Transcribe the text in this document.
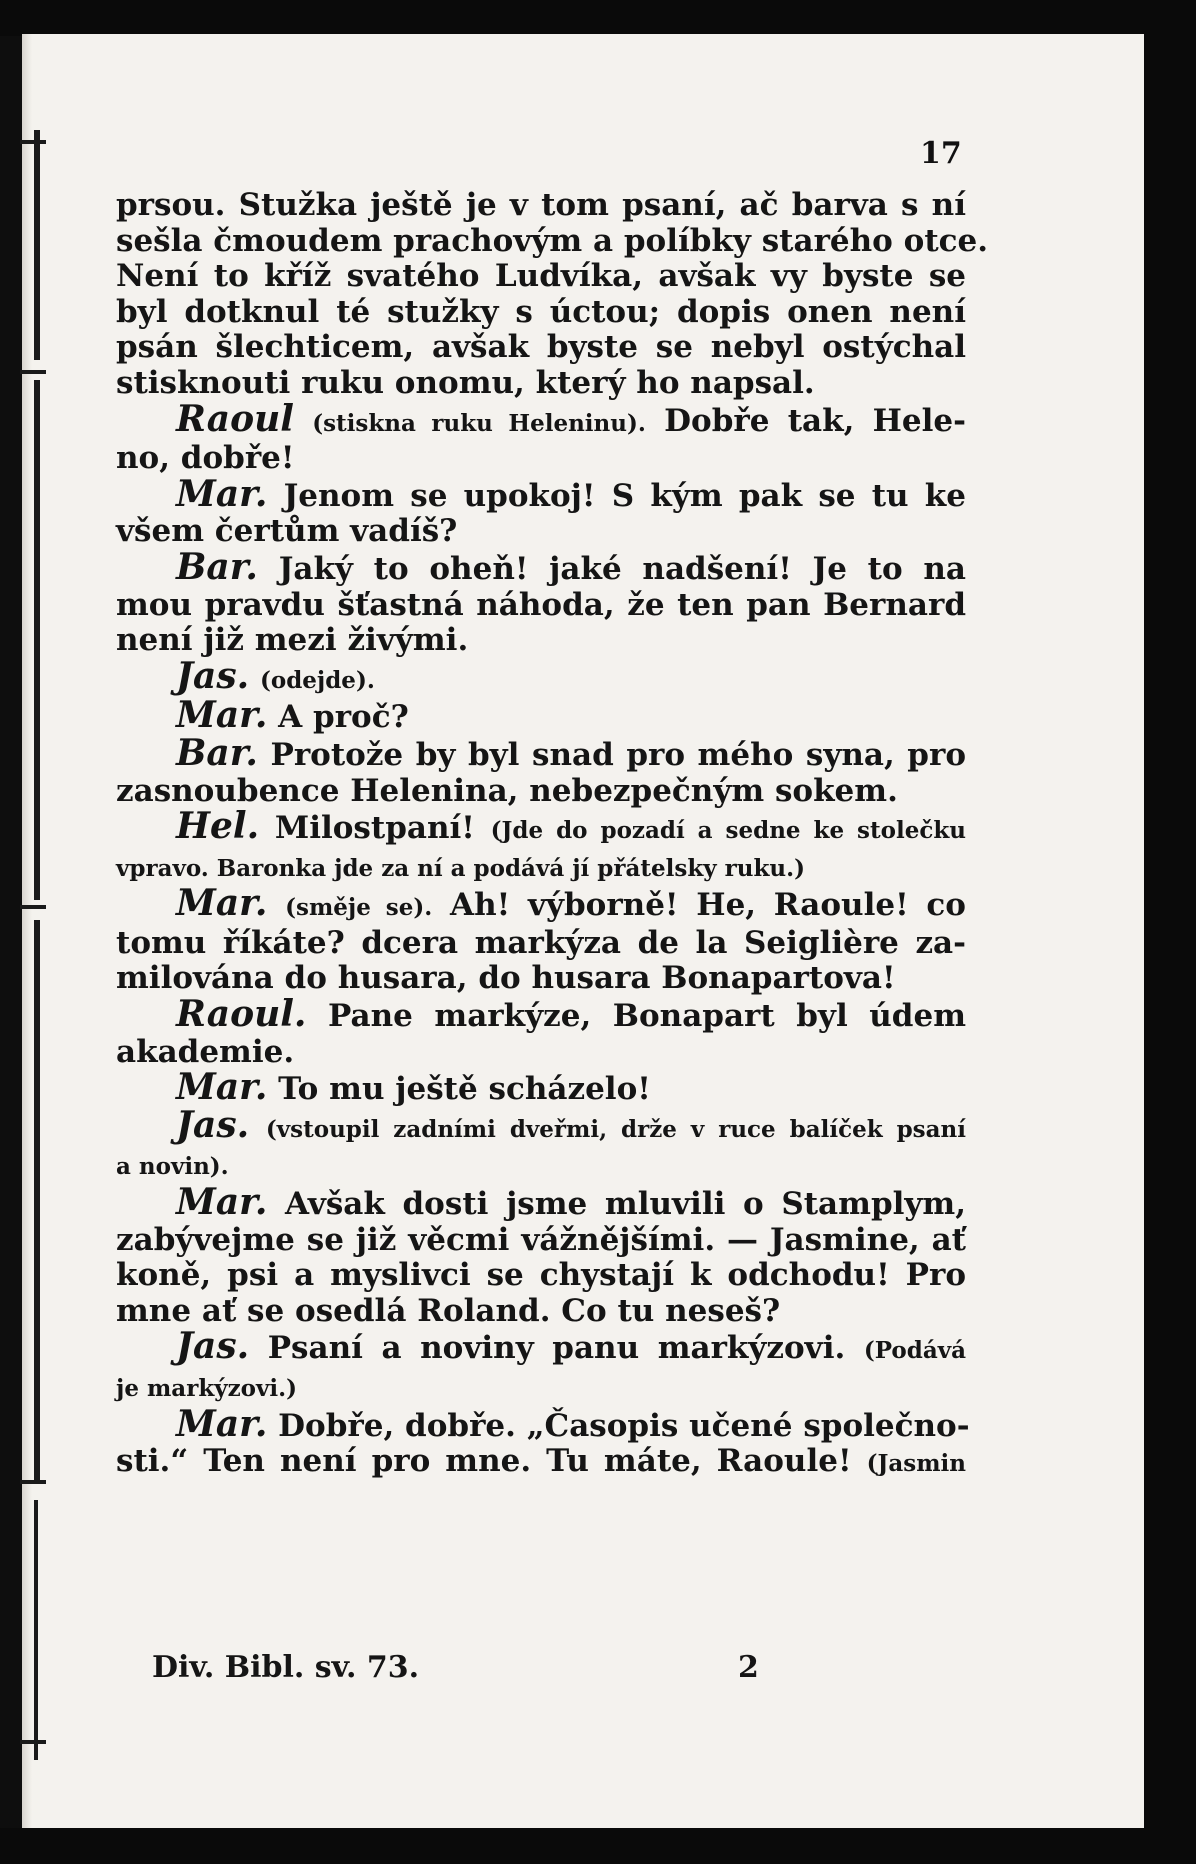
17
prsou. Stužka ještě je v tom psaní, ač barva s ní
sešla čmoudem prachovým a políbky starého otce.
Není to kříž svatého Ludvíka, avšak vy byste se
byl dotknul té stužky s úctou; dopis onen není
psán šlechticem, avšak byste se nebyl ostýchal
stisknouti ruku onomu, který ho napsal.
Raoul (stiskna ruku Heleninu). Dobře tak, Hele-
no, dobře!
Mar. Jenom se upokoj! S kým pak se tu ke
všem čertům vadíš?
Bar. Jaký to oheň! jaké nadšení! Je to na
mou pravdu šťastná náhoda, že ten pan Bernard
není již mezi živými.
Jas. (odejde).
Mar. A proč?
Bar. Protože by byl snad pro mého syna, pro
zasnoubence Helenina, nebezpečným sokem.
Hel. Milostpaní! (Jde do pozadí a sedne ke stolečku
vpravo. Baronka jde za ní a podává jí přátelsky ruku.)
Mar. (směje se). Ah! výborně! He, Raoule! co
tomu říkáte? dcera markýza de la Seiglière za-
milována do husara, do husara Bonapartova!
Raoul. Pane markýze, Bonapart byl údem
akademie.
Mar. To mu ještě scházelo!
Jas. (vstoupil zadními dveřmi, drže v ruce balíček psaní
a novin).
Mar. Avšak dosti jsme mluvili o Stamplym,
zabývejme se již věcmi vážnějšími. — Jasmine, ať
koně, psi a myslivci se chystají k odchodu! Pro
mne ať se osedlá Roland. Co tu neseš?
Jas. Psaní a noviny panu markýzovi. (Podává
je markýzovi.)
Mar. Dobře, dobře. „Časopis učené společno-
sti.“ Ten není pro mne. Tu máte, Raoule! (Jasmin
Div. Bibl. sv. 73.	2
